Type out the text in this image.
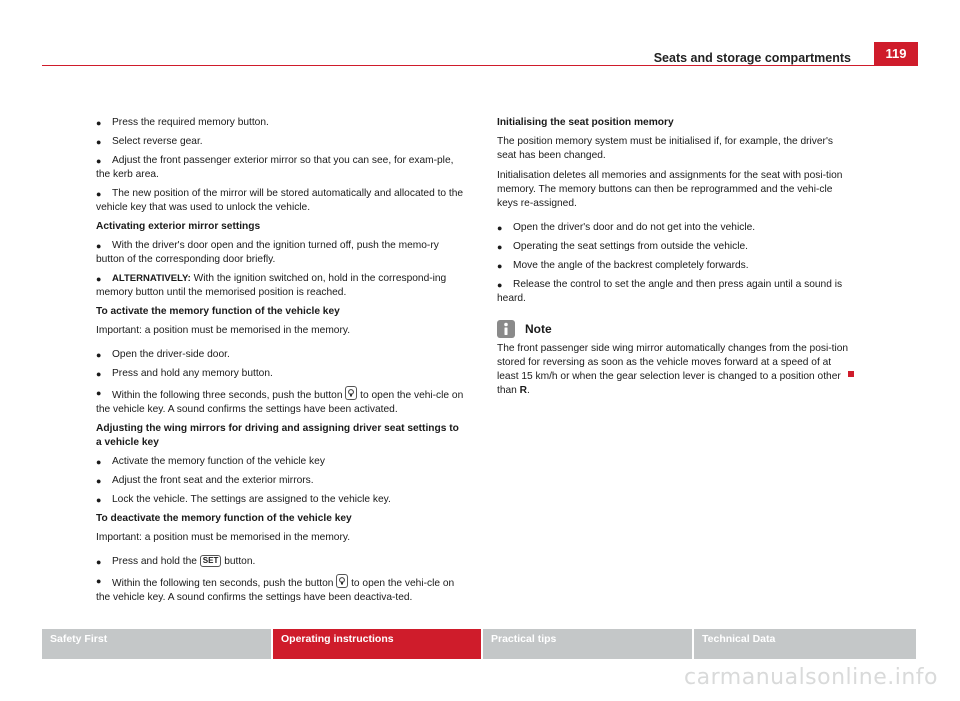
Seats and storage compartments	119
● Press the required memory button.
● Select reverse gear.
● Adjust the front passenger exterior mirror so that you can see, for exam-ple, the kerb area.
● The new position of the mirror will be stored automatically and allocated to the vehicle key that was used to unlock the vehicle.
Activating exterior mirror settings
● With the driver's door open and the ignition turned off, push the memo-ry button of the corresponding door briefly.
● ALTERNATIVELY: With the ignition switched on, hold in the correspond-ing memory button until the memorised position is reached.
To activate the memory function of the vehicle key
Important: a position must be memorised in the memory.
● Open the driver-side door.
● Press and hold any memory button.
● Within the following three seconds, push the button
to open the vehi-cle on the vehicle key. A sound confirms the settings have been activated.
Adjusting the wing mirrors for driving and assigning driver seat settings to a vehicle key
● Activate the memory function of the vehicle key
● Adjust the front seat and the exterior mirrors.
● Lock the vehicle. The settings are assigned to the vehicle key.
To deactivate the memory function of the vehicle key
Important: a position must be memorised in the memory.
● Press and hold the SET button.
● Within the following ten seconds, push the button
to open the vehi-cle on the vehicle key. A sound confirms the settings have been deactiva-ted.
Initialising the seat position memory
The position memory system must be initialised if, for example, the driver's seat has been changed.
Initialisation deletes all memories and assignments for the seat with posi-tion memory. The memory buttons can then be reprogrammed and the vehi-cle keys re-assigned.
● Open the driver's door and do not get into the vehicle.
● Operating the seat settings from outside the vehicle.
● Move the angle of the backrest completely forwards.
● Release the control to set the angle and then press again until a sound is heard.
Note
The front passenger side wing mirror automatically changes from the posi-tion stored for reversing as soon as the vehicle moves forward at a speed of at least 15 km/h or when the gear selection lever is changed to a position other than R.
Safety First	Operating instructions	Practical tips	Technical Data
carmanualsonline.info
